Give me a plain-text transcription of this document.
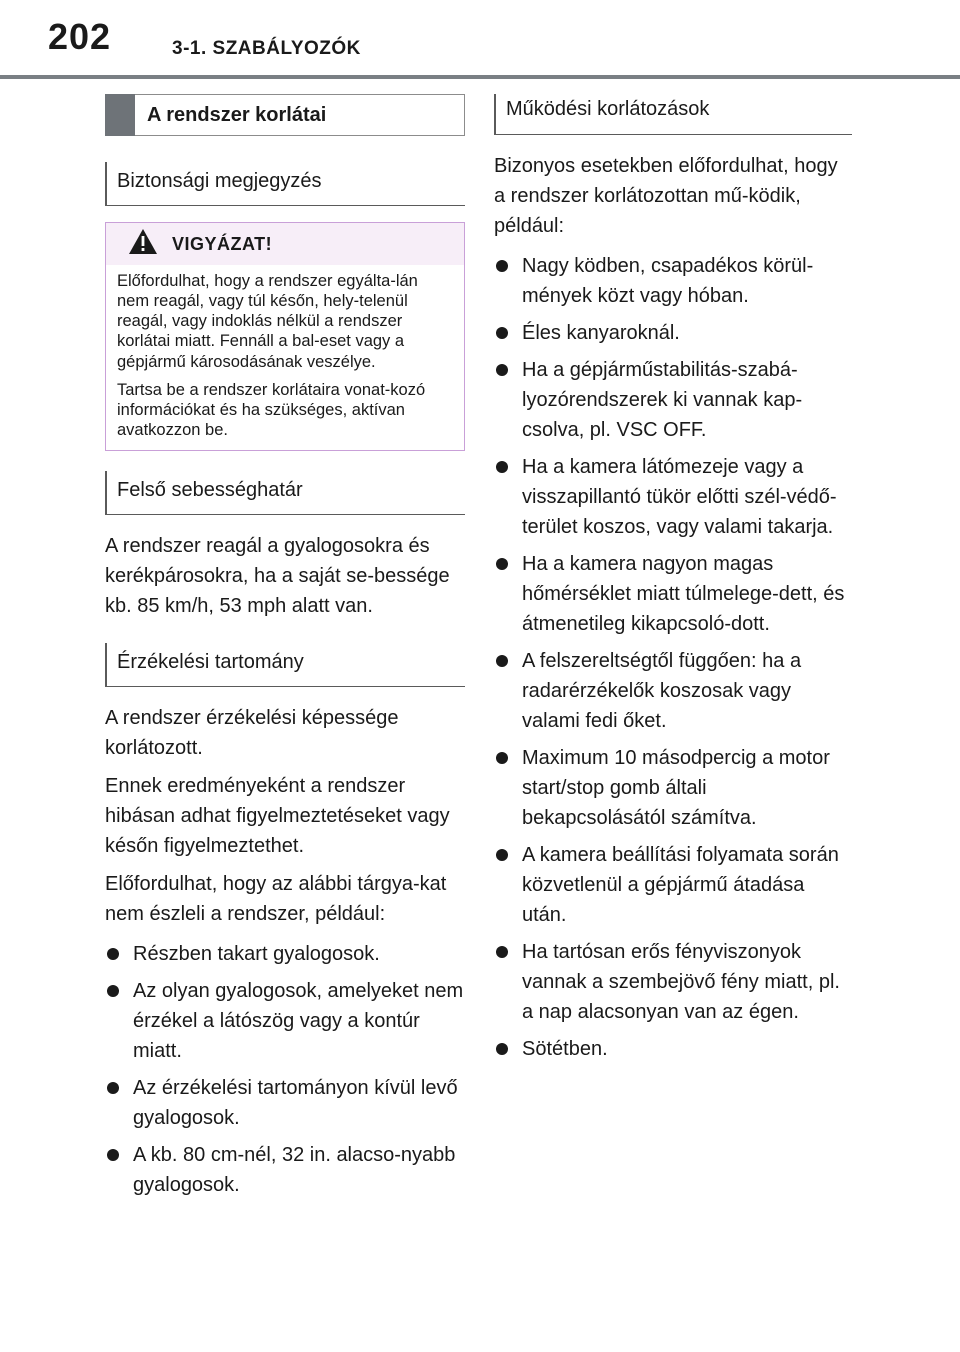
202	3-1. SZABÁLYOZÓK
A rendszer korlátai
Biztonsági megjegyzés
VIGYÁZAT!

Előfordulhat, hogy a rendszer egyálta-lán nem reagál, vagy túl későn, hely-telenül reagál, vagy indoklás nélkül a rendszer korlátai miatt. Fennáll a bal-eset vagy a gépjármű károsodásának veszélye.

Tartsa be a rendszer korlátaira vonat-kozó információkat és ha szükséges, aktívan avatkozzon be.

Felső sebességhatár

A rendszer reagál a gyalogosokra és kerékpárosokra, ha a saját se-bessége kb. 85 km/h, 53 mph alatt van.

Érzékelési tartomány

A rendszer érzékelési képessége korlátozott.

Ennek eredményeként a rendszer hibásan adhat figyelmeztetéseket vagy későn figyelmeztethet.

Előfordulhat, hogy az alábbi tárgya-kat nem észleli a rendszer, például:

Részben takart gyalogosok.
Az olyan gyalogosok, amelyeket nem érzékel a látószög vagy a kontúr miatt.
Az érzékelési tartományon kívül levő gyalogosok.
A kb. 80 cm-nél, 32 in. alacso-nyabb gyalogosok.
Működési korlátozások

Bizonyos esetekben előfordulhat, hogy a rendszer korlátozottan mű-ködik, például:

Nagy ködben, csapadékos körül-mények közt vagy hóban.
Éles kanyaroknál.
Ha a gépjárműstabilitás-szabá-lyozórendszerek ki vannak kap-csolva, pl. VSC OFF.
Ha a kamera látómezeje vagy a visszapillantó tükör előtti szél-védő-terület koszos, vagy valami takarja.
Ha a kamera nagyon magas hőmérséklet miatt túlmelege-dett, és átmenetileg kikapcsoló-dott.
A felszereltségtől függően: ha a radarérzékelők koszosak vagy valami fedi őket.
Maximum 10 másodpercig a motor start/stop gomb általi bekapcsolásától számítva.
A kamera beállítási folyamata során közvetlenül a gépjármű átadása után.
Ha tartósan erős fényviszonyok vannak a szembejövő fény miatt, pl. a nap alacsonyan van az égen.
Sötétben.
